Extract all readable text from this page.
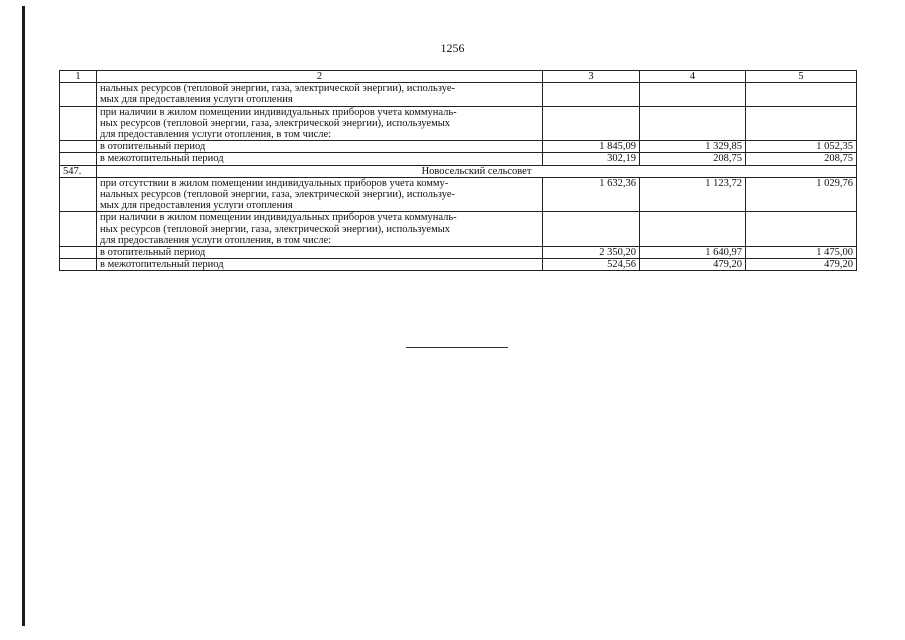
1256
1	2	3	4	5

	нальных ресурсов (тепловой энергии, газа, электрической энергии), используе-
мых для предоставления услуги отопления			

	при наличии в жилом помещении индивидуальных приборов учета коммуналь-
ных ресурсов (тепловой энергии, газа, электрической энергии), используемых
для предоставления услуги отопления, в том числе:			

	в отопительный период	1 845,09	1 329,85	1 052,35
	в межотопительный период	302,19	208,75	208,75
547.	Новосельский сельсовет			

	при отсутствии в жилом помещении индивидуальных приборов учета комму-
нальных ресурсов (тепловой энергии, газа, электрической энергии), используе-
мых для предоставления услуги отопления	1 632,36	1 123,72	1 029,76

	при наличии в жилом помещении индивидуальных приборов учета коммуналь-
ных ресурсов (тепловой энергии, газа, электрической энергии), используемых
для предоставления услуги отопления, в том числе:			

	в отопительный период	2 350,20	1 640,97	1 475,00
	в межотопительный период	524,56	479,20	479,20
